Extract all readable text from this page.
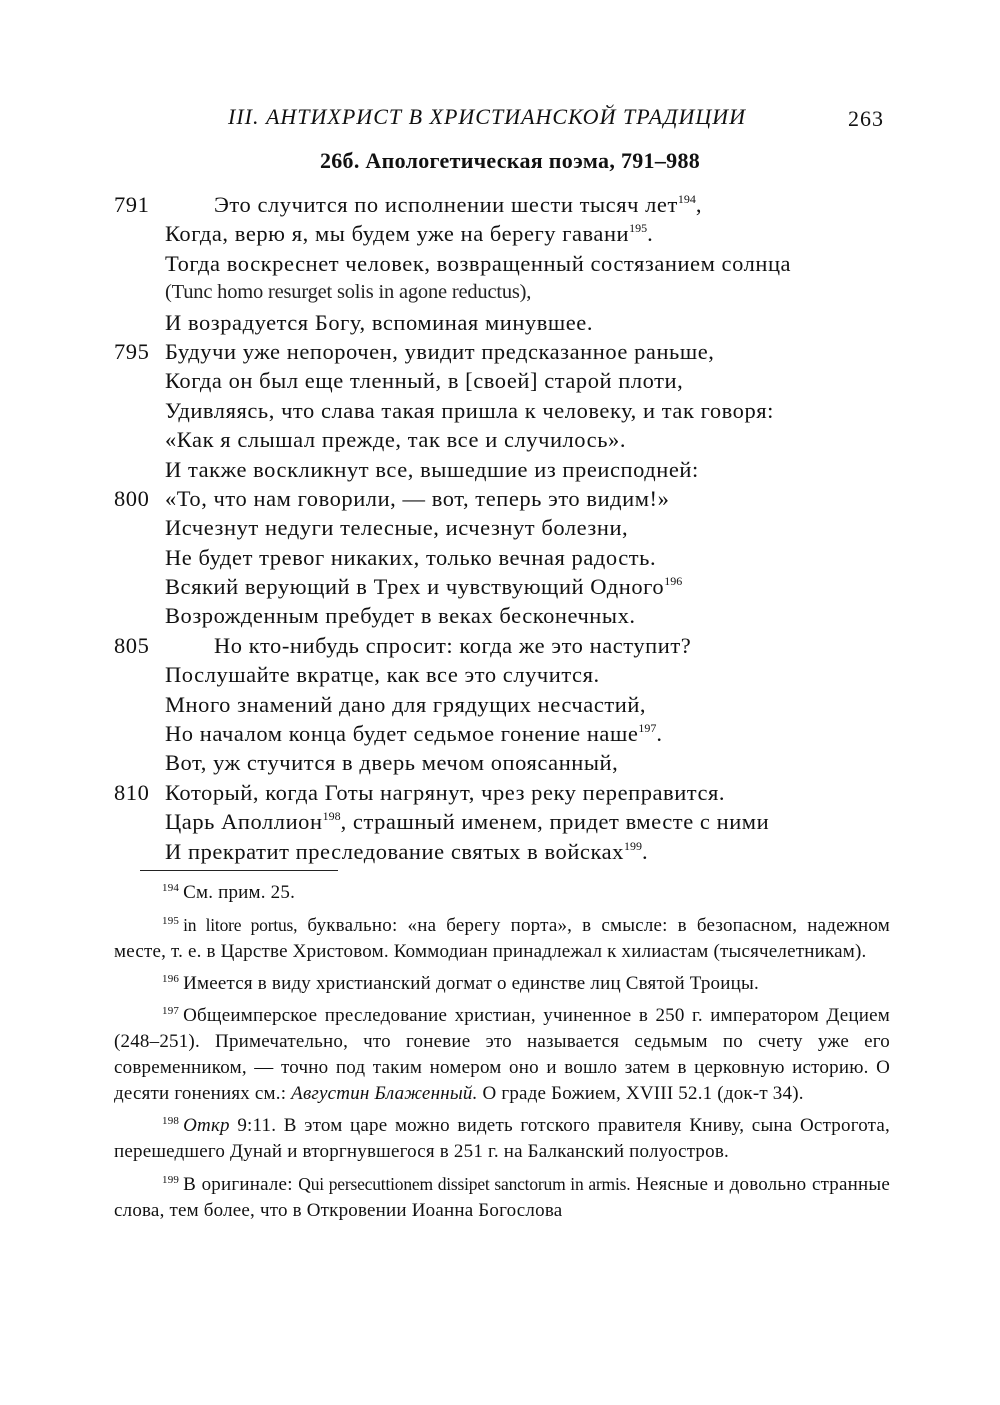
III. АНТИХРИСТ В ХРИСТИАНСКОЙ ТРАДИЦИИ	263
26б. Апологетическая поэма, 791–988
791	Это случится по исполнении шести тысяч лет$^{194}$,
Когда, верю я, мы будем уже на берегу гавани$^{195}$.
Тогда воскреснет человек, возвращенный состязанием солнца
(Tunc homo resurget solis in agone reductus),
И возрадуется Богу, вспоминая минувшее.
795 Будучи уже непорочен, увидит предсказанное раньше,
Когда он был еще тленный, в [своей] старой плоти,
Удивляясь, что слава такая пришла к человеку, и так говоря:
«Как я слышал прежде, так все и случилось».
И также воскликнут все, вышедшие из преисподней:
800 «То, что нам говорили, — вот, теперь это видим!»
Исчезнут недуги телесные, исчезнут болезни,
Не будет тревог никаких, только вечная радость.
Всякий верующий в Трех и чувствующий Одного$^{196}$
Возрожденным пребудет в веках бесконечных.
805	Но кто-нибудь спросит: когда же это наступит?
Послушайте вкратце, как все это случится.
Много знамений дано для грядущих несчастий,
Но началом конца будет седьмое гонение наше$^{197}$.
Вот, уж стучится в дверь мечом опоясанный,
810 Который, когда Готы нагрянут, чрез реку переправится.
Царь Аполлион$^{198}$, страшный именем, придет вместе с ними
И прекратит преследование святых в войсках$^{199}$.

$^{194}$ См. прим. 25.

$^{195}$ in litore portus, буквально: «на берегу порта», в смысле: в безопасном, надежном месте, т. е. в Царстве Христовом. Коммодиан принадлежал к хилиастам (тысячелетникам).

$^{196}$ Имеется в виду христианский догмат о единстве лиц Святой Троицы.

$^{197}$ Общеимперское преследование христиан, учиненное в 250 г. императором Децием (248–251). Примечательно, что гоневие это называется седьмым по счету уже его современником, — точно под таким номером оно и вошло затем в церковную историю. О десяти гонениях см.: Августин Блаженный. О граде Божием, XVIII 52.1 (док-т 34).

$^{198}$ Откр 9:11. В этом царе можно видеть готского правителя Книву, сына Острогота, перешедшего Дунай и вторгнувшегося в 251 г. на Балканский полуостров.

$^{199}$ В оригинале: Qui persecuttionem dissipet sanctorum in armis. Неясные и довольно странные слова, тем более, что в Откровении Иоанна Богослова
